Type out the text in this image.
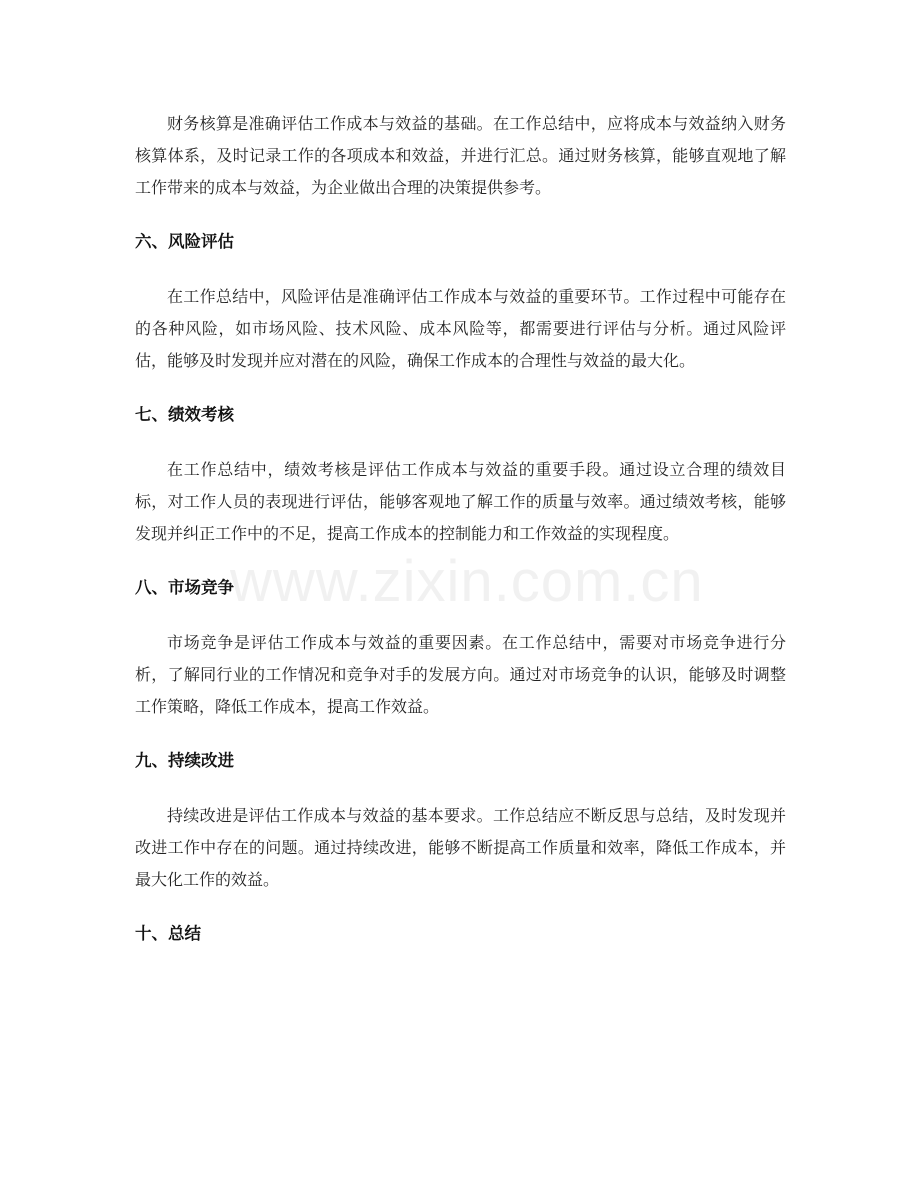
www.zixin.com.cn

财务核算是准确评估工作成本与效益的基础。在工作总结中，应将成本与效益纳入财务核算体系，及时记录工作的各项成本和效益，并进行汇总。通过财务核算，能够直观地了解工作带来的成本与效益，为企业做出合理的决策提供参考。

六、风险评估

在工作总结中，风险评估是准确评估工作成本与效益的重要环节。工作过程中可能存在的各种风险，如市场风险、技术风险、成本风险等，都需要进行评估与分析。通过风险评估，能够及时发现并应对潜在的风险，确保工作成本的合理性与效益的最大化。

七、绩效考核

在工作总结中，绩效考核是评估工作成本与效益的重要手段。通过设立合理的绩效目标，对工作人员的表现进行评估，能够客观地了解工作的质量与效率。通过绩效考核，能够发现并纠正工作中的不足，提高工作成本的控制能力和工作效益的实现程度。

八、市场竞争

市场竞争是评估工作成本与效益的重要因素。在工作总结中，需要对市场竞争进行分析，了解同行业的工作情况和竞争对手的发展方向。通过对市场竞争的认识，能够及时调整工作策略，降低工作成本，提高工作效益。

九、持续改进

持续改进是评估工作成本与效益的基本要求。工作总结应不断反思与总结，及时发现并改进工作中存在的问题。通过持续改进，能够不断提高工作质量和效率，降低工作成本，并最大化工作的效益。

十、总结
